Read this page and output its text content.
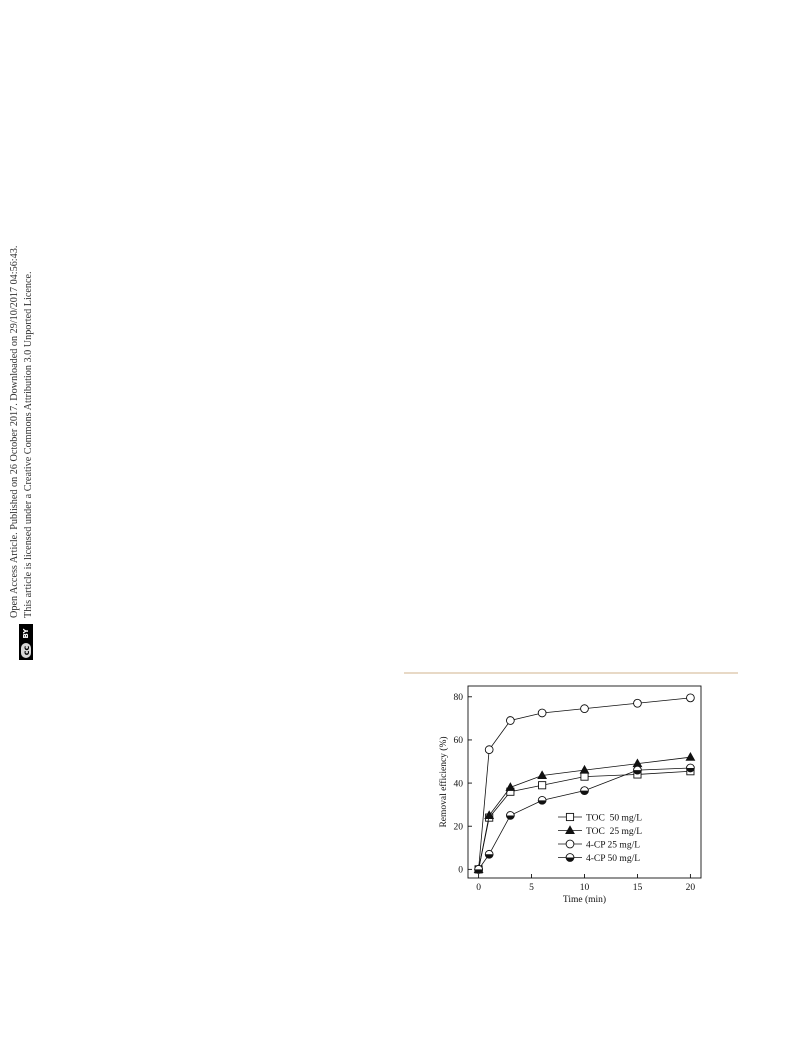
cc
BY
Open Access Article. Published on 26 October 2017. Downloaded on 29/10/2017 04:56:43. This article is licensed under a Creative Commons Attribution 3.0 Unported Licence.
0	5	10	15	20
0
20
40
60
80
Time (min)
Removal efficiency (%)	TOC  50 mg/L
TOC  25 mg/L
4-CP 25 mg/L
4-CP 50 mg/L
